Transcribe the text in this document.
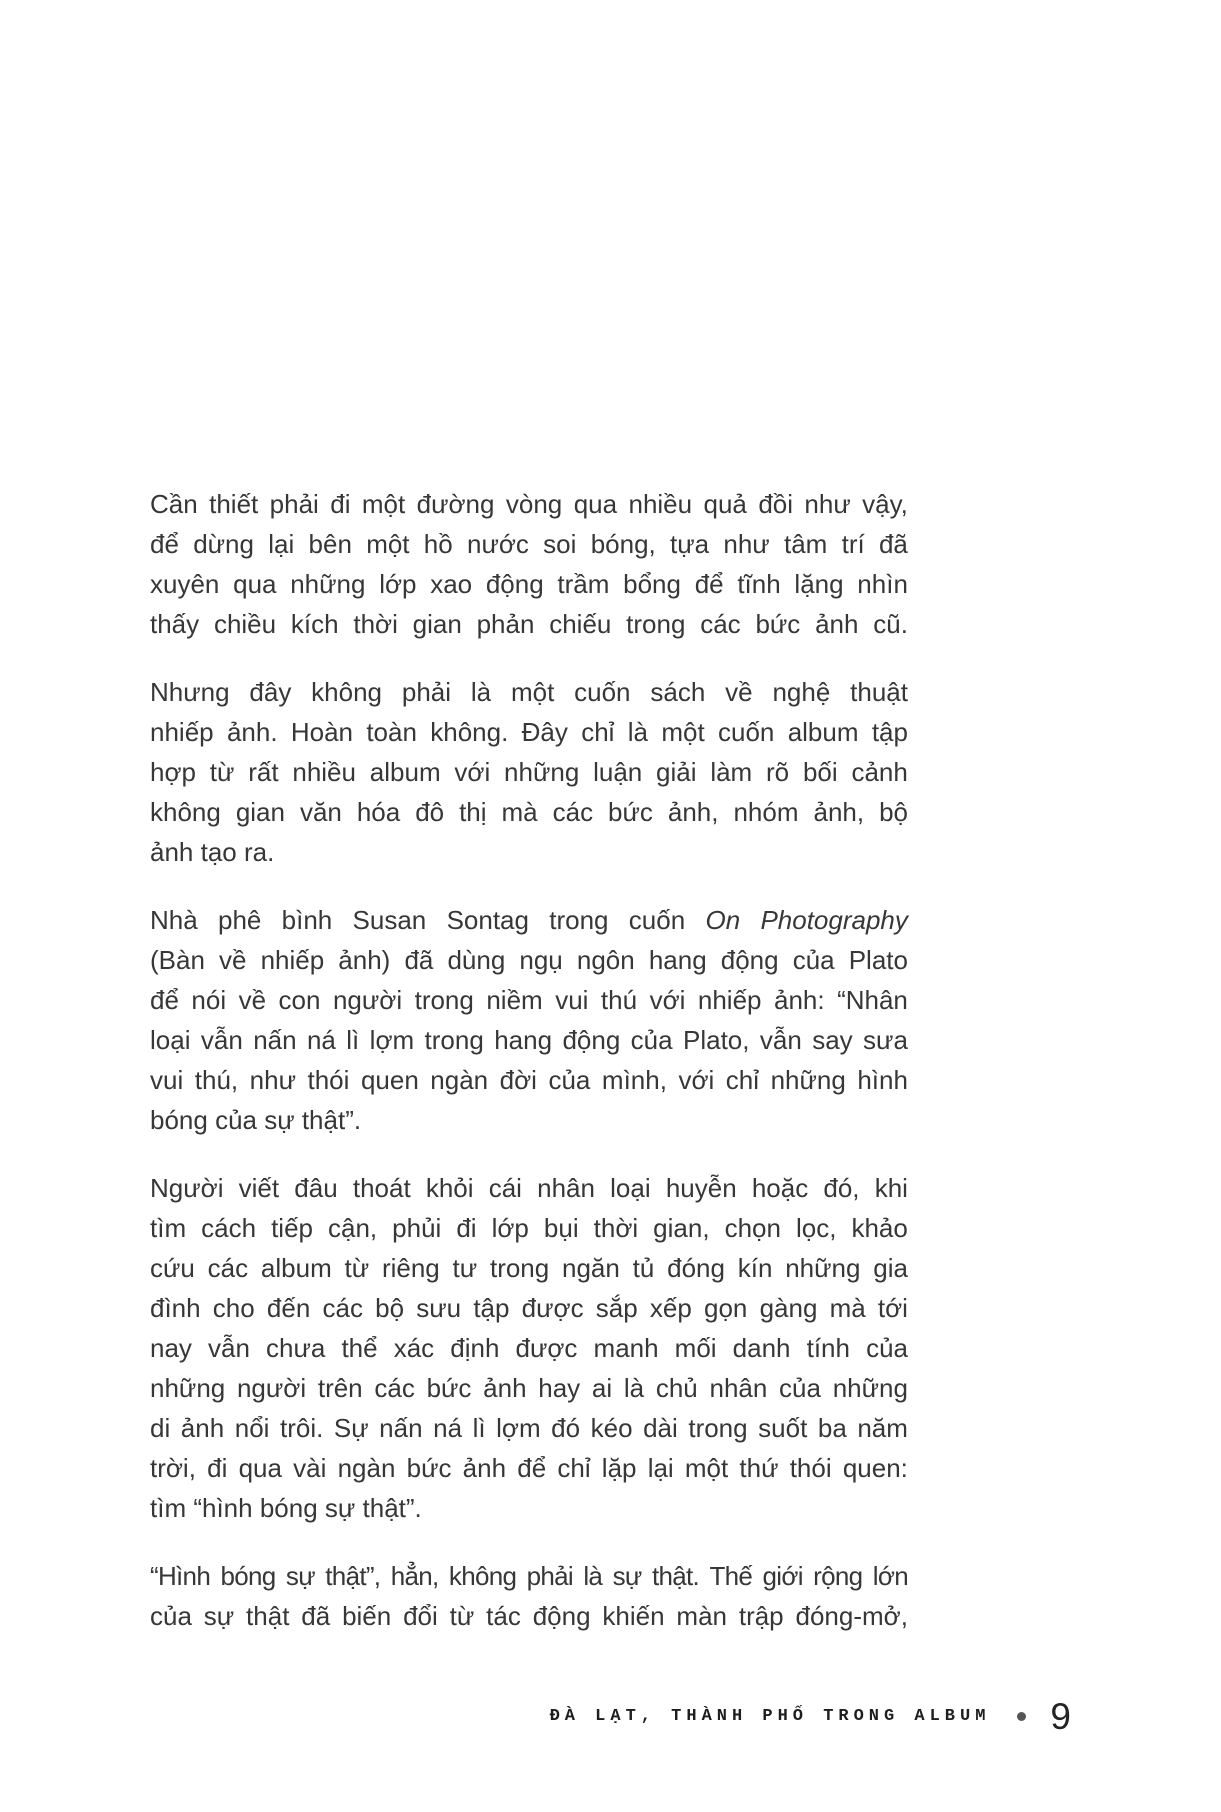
Cần thiết phải đi một đường vòng qua nhiều quả đồi như vậy,
để dừng lại bên một hồ nước soi bóng, tựa như tâm trí đã
xuyên qua những lớp xao động trầm bổng để tĩnh lặng nhìn
thấy chiều kích thời gian phản chiếu trong các bức ảnh cũ.
Nhưng đây không phải là một cuốn sách về nghệ thuật
nhiếp ảnh. Hoàn toàn không. Đây chỉ là một cuốn album tập
hợp từ rất nhiều album với những luận giải làm rõ bối cảnh
không gian văn hóa đô thị mà các bức ảnh, nhóm ảnh, bộ
ảnh tạo ra.
Nhà phê bình Susan Sontag trong cuốn On Photography
(Bàn về nhiếp ảnh) đã dùng ngụ ngôn hang động của Plato
để nói về con người trong niềm vui thú với nhiếp ảnh: “Nhân
loại vẫn nấn ná lì lợm trong hang động của Plato, vẫn say sưa
vui thú, như thói quen ngàn đời của mình, với chỉ những hình
bóng của sự thật”.
Người viết đâu thoát khỏi cái nhân loại huyễn hoặc đó, khi
tìm cách tiếp cận, phủi đi lớp bụi thời gian, chọn lọc, khảo
cứu các album từ riêng tư trong ngăn tủ đóng kín những gia
đình cho đến các bộ sưu tập được sắp xếp gọn gàng mà tới
nay vẫn chưa thể xác định được manh mối danh tính của
những người trên các bức ảnh hay ai là chủ nhân của những
di ảnh nổi trôi. Sự nấn ná lì lợm đó kéo dài trong suốt ba năm
trời, đi qua vài ngàn bức ảnh để chỉ lặp lại một thứ thói quen:
tìm “hình bóng sự thật”.
“Hình bóng sự thật”, hẳn, không phải là sự thật. Thế giới rộng lớn
của sự thật đã biến đổi từ tác động khiến màn trập đóng-mở,
ĐÀ LẠT, THÀNH PHỐ TRONG ALBUM 9
